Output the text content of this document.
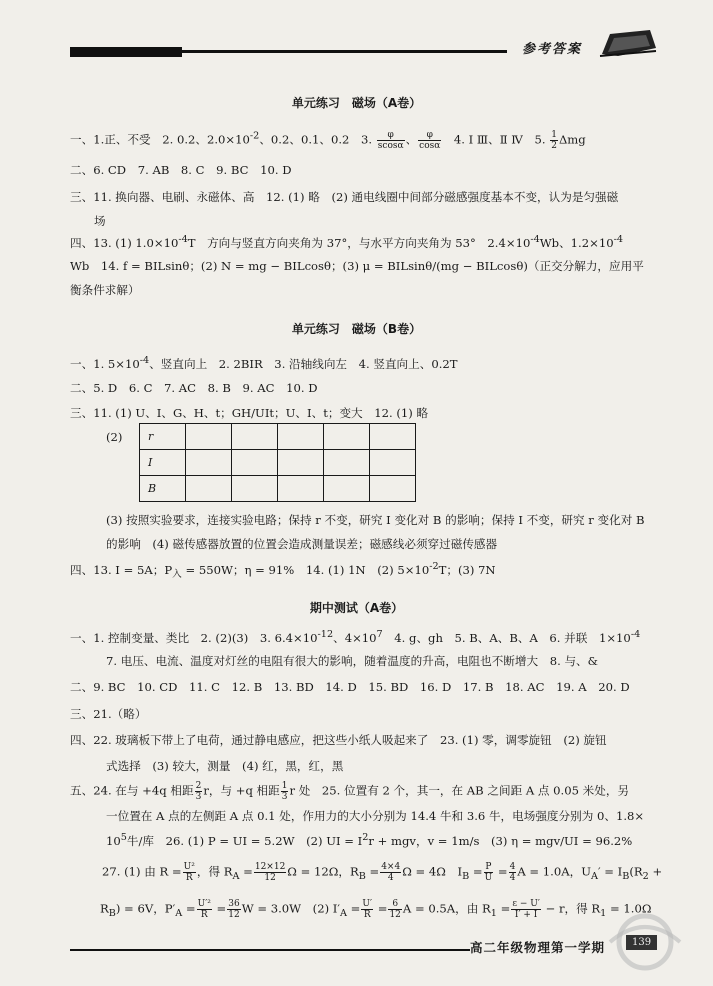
参考答案
单元练习　磁场（A卷）
一、1.正、不受　2. 0.2、$2.0\times 10^{-2}$、0.2、0.1、0.2　3. $\frac{\varphi}{scos\alpha}$ 、 $\frac{\varphi}{\cos\alpha}$ 　4. Ⅰ Ⅲ、Ⅱ Ⅳ　5. $\frac{1}{2}$ Δmg
二、6. CD　7. AB　8. C　9. BC　10. D
三、11. 换向器、电刷、永磁体、高　12. (1) 略　(2) 通电线圈中间部分磁感强度基本不变，认为是匀强磁
场
四、13. (1) $1.0\times 10^{-4}T$　方向与竖直方向夹角为 37°，与水平方向夹角为 53°　$2.4\times 10^{-4}Wb$、$1.2\times 10^{-4}$
Wb　14. f = BILsinθ；(2) N = mg − BILcosθ；(3) μ = BILsinθ/(mg − BILcosθ)（正交分解力，应用平
衡条件求解）
单元练习　磁场（B卷）
一、1. $5\times 10^{-4}$、竖直向上　2. 2BIR　3. 沿轴线向左　4. 竖直向上、0.2T
二、5. D　6. C　7. AC　8. B　9. AC　10. D
三、11. (1) U、I、G、H、t；GH/UIt；U、I、t；变大　12. (1) 略
(2) r					
I					
B					
(3) 按照实验要求，连接实验电路；保持 r 不变，研究 I 变化对 B 的影响；保持 I 不变，研究 r 变化对 B
的影响　(4) 磁传感器放置的位置会造成测量误差；磁感线必须穿过磁传感器
四、13. I = 5A；$P_入 = 550W$；η = 91%　14. (1) 1N　(2) $5\times 10^{-2}T$；(3) 7N
期中测试（A卷）
一、1. 控制变量、类比　2. (2)(3)　3. $6.4\times 10^{-12}$、$4\times 10^7$　4. g、gh　5. B、A、B、A　6. 并联　$1\times 10^{-4}$
7. 电压、电流、温度对灯丝的电阻有很大的影响，随着温度的升高，电阻也不断增大　8. 与、&
二、9. BC　10. CD　11. C　12. B　13. BD　14. D　15. BD　16. D　17. B　18. AC　19. A　20. D
三、21.（略）
四、22. 玻璃板下带上了电荷，通过静电感应，把这些小纸人吸起来了　23. (1) 零，调零旋钮　(2) 旋钮
式选择　(3) 较大，测量　(4) 红，黑，红，黑
五、24. 在与 +4q 相距 $\frac{2}{3}$ r，与 +q 相距 $\frac{1}{3}$ r 处　25. 位置有 2 个，其一，在 AB 之间距 A 点 0.05 米处，另
一位置在 A 点的左侧距 A 点 0.1 处，作用力的大小分别为 14.4 牛和 3.6 牛，电场强度分别为 0、1.8×
$10^5$牛/库　26. (1) P = UI = 5.2W　(2) UI = $I^2r$ + mgv，v = 1m/s　(3) η = mgv/UI = 96.2%
27. (1) 由 $R = \frac{\text{U²}}{R}$ ，得 $R_A = \frac{12\times 12}{12}$ Ω = 12Ω，$R_B = \frac{4\times 4}{4}$ Ω = 4Ω　$I_B = \frac{P}{U} = \frac{4}{4}$ A = 1.0A，$U_A' = I_B(R_2$ +
$R_B) = 6V$，$P'_A = \frac{\text{U′²}}{R} = \frac{36}{12}$ W = 3.0W　(2) $I'_A = \frac{U'}{R} = \frac{6}{12}$ A = 0.5A，由 $R_1 = \frac{\varepsilon - U'}{I' + I} - r$，得 $R_1 = 1.0\Omega$
高二年级物理第一学期	139
